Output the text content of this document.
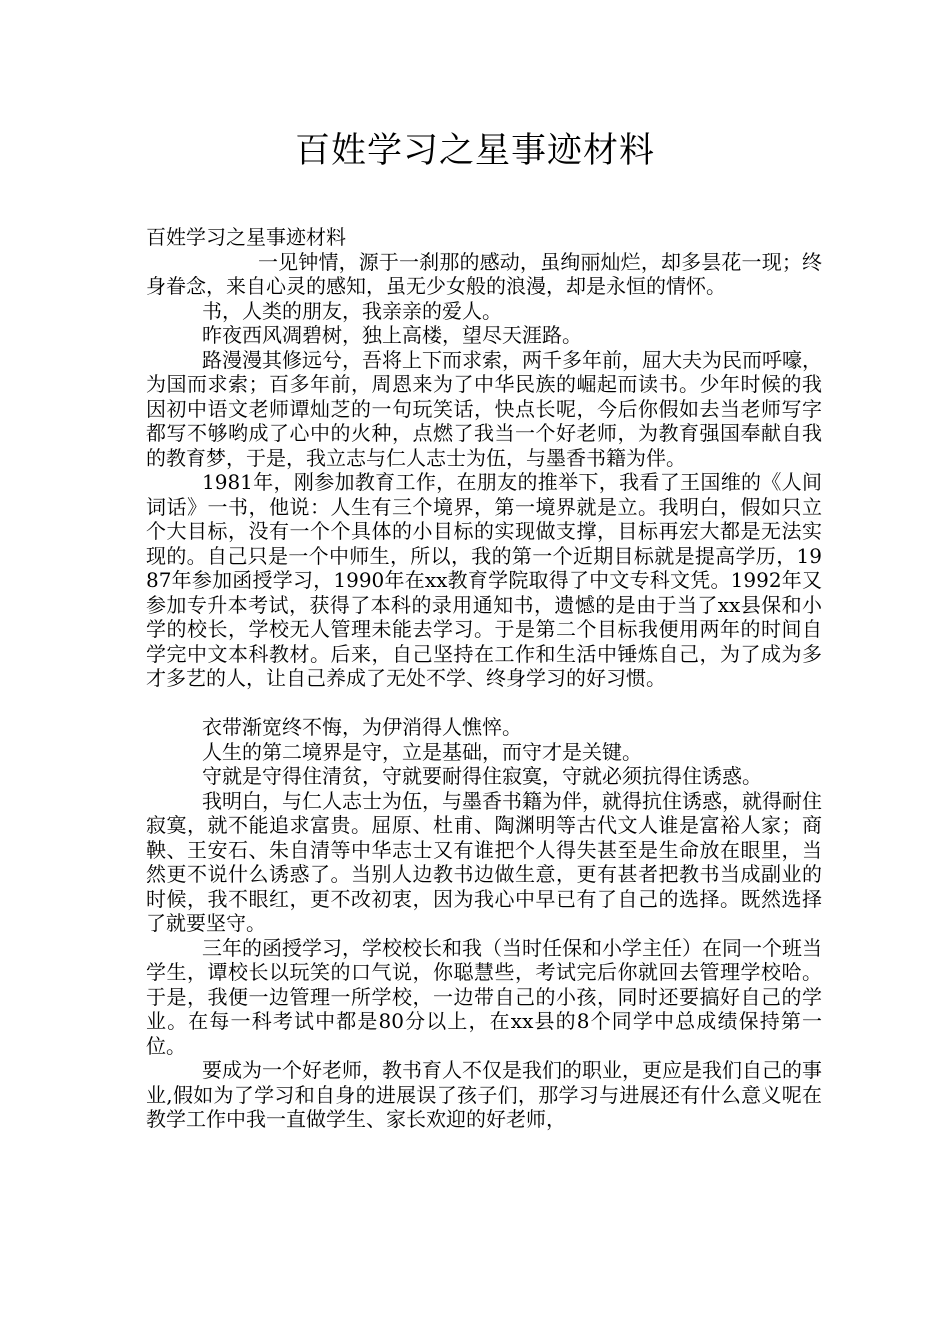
百姓学习之星事迹材料

百姓学习之星事迹材料

一见钟情，源于一刹那的感动，虽绚丽灿烂，却多昙花一现；终身眷念，来自心灵的感知，虽无少女般的浪漫，却是永恒的情怀。

书，人类的朋友，我亲亲的爱人。

昨夜西风凋碧树，独上高楼，望尽天涯路。

路漫漫其修远兮，吾将上下而求索，两千多年前，屈大夫为民而呼嚎，为国而求索；百多年前，周恩来为了中华民族的崛起而读书。少年时候的我因初中语文老师谭灿芝的一句玩笑话，快点长呢，今后你假如去当老师写字都写不够哟成了心中的火种，点燃了我当一个好老师，为教育强国奉献自我的教育梦，于是，我立志与仁人志士为伍，与墨香书籍为伴。

1981年，刚参加教育工作，在朋友的推举下，我看了王国维的《人间词话》一书，他说：人生有三个境界，第一境界就是立。我明白，假如只立个大目标，没有一个个具体的小目标的实现做支撑，目标再宏大都是无法实现的。自己只是一个中师生，所以，我的第一个近期目标就是提高学历，1987年参加函授学习，1990年在xx教育学院取得了中文专科文凭。1992年又参加专升本考试，获得了本科的录用通知书，遗憾的是由于当了xx县保和小学的校长，学校无人管理未能去学习。于是第二个目标我便用两年的时间自学完中文本科教材。后来，自己坚持在工作和生活中锤炼自己，为了成为多才多艺的人，让自己养成了无处不学、终身学习的好习惯。

衣带渐宽终不悔，为伊消得人憔悴。

人生的第二境界是守，立是基础，而守才是关键。

守就是守得住清贫，守就要耐得住寂寞，守就必须抗得住诱惑。

我明白，与仁人志士为伍，与墨香书籍为伴，就得抗住诱惑，就得耐住寂寞，就不能追求富贵。屈原、杜甫、陶渊明等古代文人谁是富裕人家；商鞅、王安石、朱自清等中华志士又有谁把个人得失甚至是生命放在眼里，当然更不说什么诱惑了。当别人边教书边做生意，更有甚者把教书当成副业的时候，我不眼红，更不改初衷，因为我心中早已有了自己的选择。既然选择了就要坚守。

三年的函授学习，学校校长和我（当时任保和小学主任）在同一个班当学生，谭校长以玩笑的口气说，你聪慧些，考试完后你就回去管理学校哈。于是，我便一边管理一所学校，一边带自己的小孩，同时还要搞好自己的学业。在每一科考试中都是80分以上，在xx县的8个同学中总成绩保持第一位。

要成为一个好老师，教书育人不仅是我们的职业，更应是我们自己的事业,假如为了学习和自身的进展误了孩子们，那学习与进展还有什么意义呢在教学工作中我一直做学生、家长欢迎的好老师，
